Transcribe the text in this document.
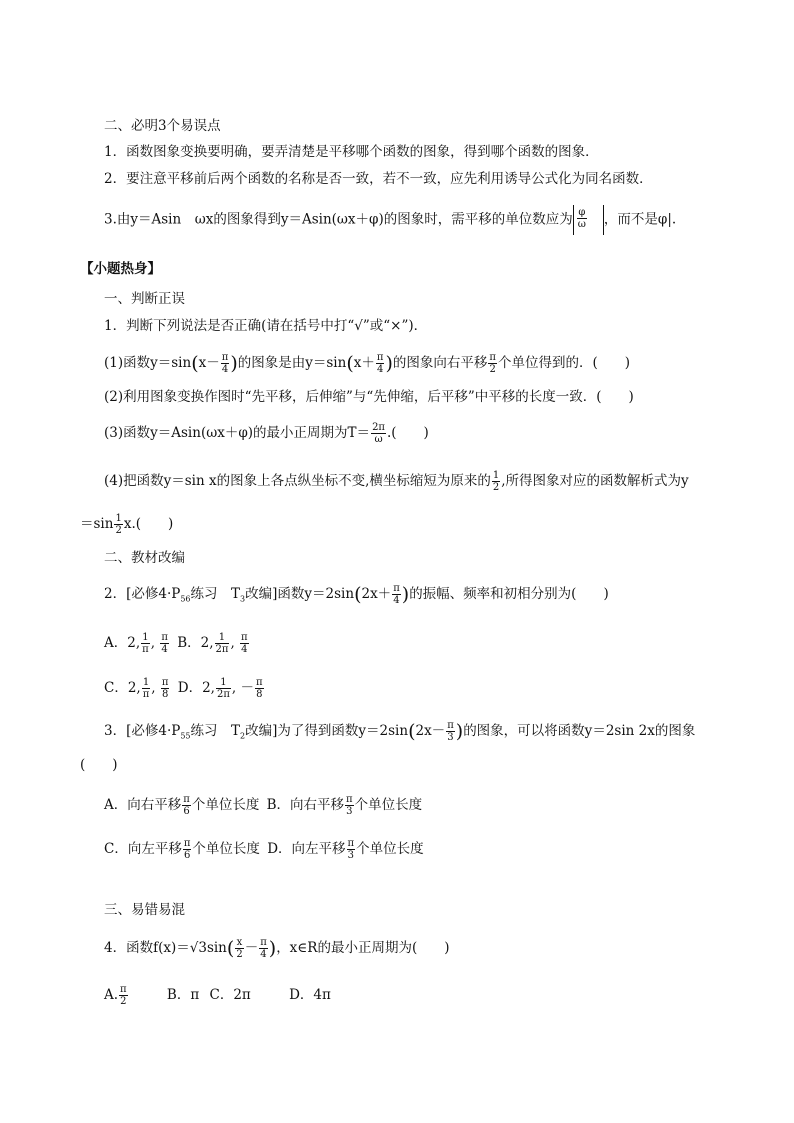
二、必明3个易误点
1．函数图象变换要明确，要弄清楚是平移哪个函数的图象，得到哪个函数的图象．
2．要注意平移前后两个函数的名称是否一致，若不一致，应先利用诱导公式化为同名函数．
3.由y＝Asin　ωx的图象得到y＝Asin(ωx＋φ)的图象时，需平移的单位数应为 $\frac{\varphi}{\omega}$ ，而不是φ|.
【小题热身】
一、判断正误
1．判断下列说法是否正确(请在括号中打“√”或“×”)．
(1)函数$y=\sin(x- \frac{\pi}{4}$ )的图象是由$y=\sin(x+ \frac{\pi}{4}$ )的图象向右平移 $\frac{\pi}{2}$ 个单位得到的．(　　)
(2)利用图象变换作图时“先平移，后伸缩”与“先伸缩，后平移”中平移的长度一致．(　　)
(3)函数y＝Asin(ωx＋φ)的最小正周期为$T= \frac{2\pi}{\omega}$ .(　　)
(4)把函数y＝sin x的图象上各点纵坐标不变,横坐标缩短为原来的 $\frac{1}{2}$ ,所得图象对应的函数解析式为y
$=\sin \frac{1}{2} x$.(　　)
二、教材改编
2．[必修$4\cdot P_{56}$练习　$T_3$改编]函数$y=2\sin(2x+ \frac{\pi}{4}$ )的振幅、频率和初相分别为(　　)
A．2, $\frac{1}{\pi}$ , $\frac{\pi}{4}$ B．2, $\frac{1}{2\pi}$ , $\frac{\pi}{4}$
C．2, $\frac{1}{\pi}$ , $\frac{\pi}{8}$ D．2, $\frac{1}{2\pi}$ , － $\frac{\pi}{8}$
3．[必修$4\cdot P_{55}$练习　$T_2$改编]为了得到函数$y=2\sin(2x- \frac{\pi}{3}$ )的图象，可以将函数y＝2sin 2x的图象
(　　)
A．向右平移 $\frac{\pi}{6}$ 个单位长度 B．向右平移 $\frac{\pi}{3}$ 个单位长度
C．向左平移 $\frac{\pi}{6}$ 个单位长度 D．向左平移 $\frac{\pi}{3}$ 个单位长度
三、易错易混
4．函数$f(x)=√3\sin( \frac{x}{2} - \frac{\pi}{4}$ )，x∈R的最小正周期为(　　)
A. $\frac{\pi}{2}$	B．π C．2π	D．4π
